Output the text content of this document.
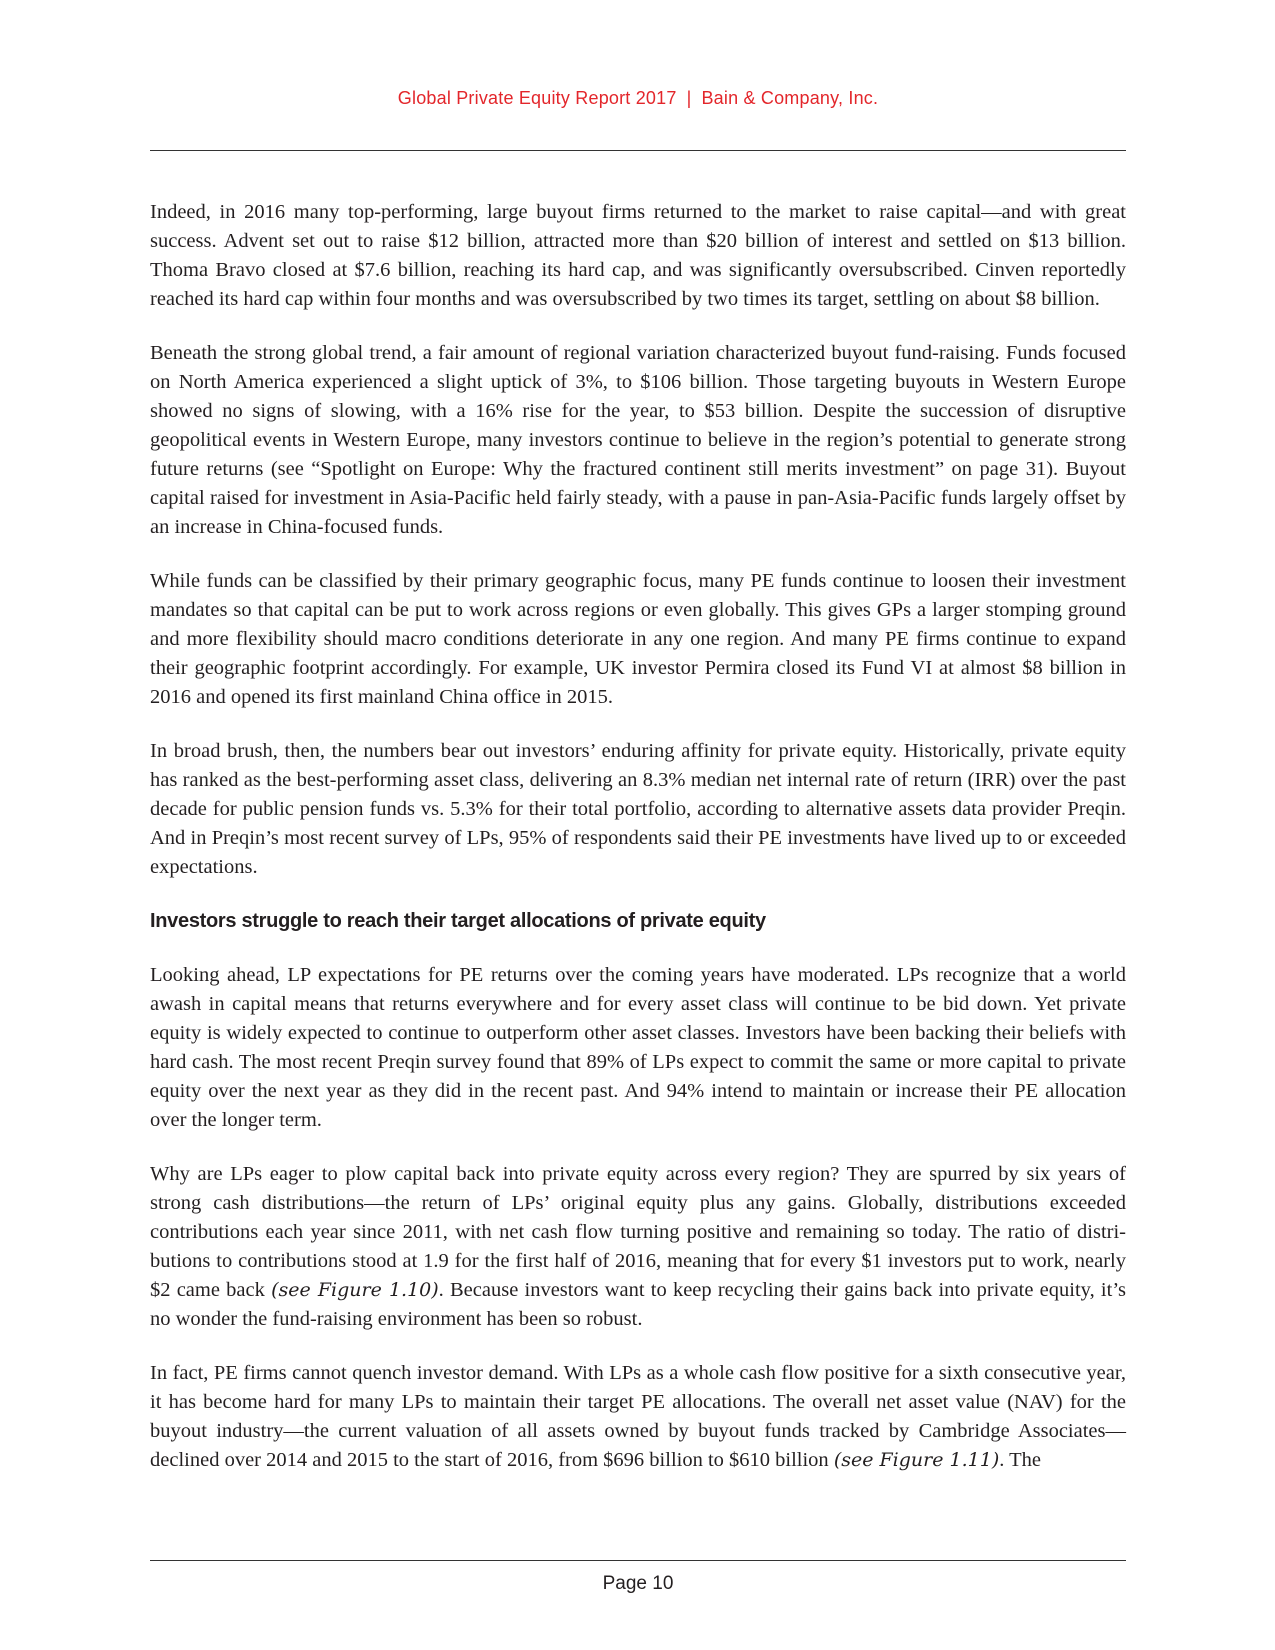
Global Private Equity Report 2017 | Bain & Company, Inc.

Indeed, in 2016 many top-performing, large buyout firms returned to the market to raise capital—and with great success. Advent set out to raise $12 billion, attracted more than $20 billion of interest and settled on $13 billion. Thoma Bravo closed at $7.6 billion, reaching its hard cap, and was significantly oversubscribed. Cinven reportedly reached its hard cap within four months and was oversubscribed by two times its target, settling on about $8 billion.

Beneath the strong global trend, a fair amount of regional variation characterized buyout fund-raising. Funds focused on North America experienced a slight uptick of 3%, to $106 billion. Those targeting buyouts in Western Europe showed no signs of slowing, with a 16% rise for the year, to $53 billion. Despite the succession of disruptive geopolitical events in Western Europe, many investors continue to believe in the region’s potential to generate strong future returns (see “Spotlight on Europe: Why the fractured continent still merits investment” on page 31). Buyout capital raised for investment in Asia-Pacific held fairly steady, with a pause in pan-Asia-Pacific funds largely offset by an increase in China-focused funds.

While funds can be classified by their primary geographic focus, many PE funds continue to loosen their investment mandates so that capital can be put to work across regions or even globally. This gives GPs a larger stomping ground and more flexibility should macro conditions deteriorate in any one region. And many PE firms continue to expand their geographic footprint accordingly. For example, UK investor Permira closed its Fund VI at almost $8 billion in 2016 and opened its first mainland China office in 2015.

In broad brush, then, the numbers bear out investors’ enduring affinity for private equity. Historically, private equity has ranked as the best-performing asset class, delivering an 8.3% median net internal rate of return (IRR) over the past decade for public pension funds vs. 5.3% for their total portfolio, according to alternative assets data provider Preqin. And in Preqin’s most recent survey of LPs, 95% of respondents said their PE investments have lived up to or exceeded expectations.

Investors struggle to reach their target allocations of private equity

Looking ahead, LP expectations for PE returns over the coming years have moderated. LPs recognize that a world awash in capital means that returns everywhere and for every asset class will continue to be bid down. Yet private equity is widely expected to continue to outperform other asset classes. Investors have been backing their beliefs with hard cash. The most recent Preqin survey found that 89% of LPs expect to commit the same or more capital to private equity over the next year as they did in the recent past. And 94% intend to maintain or increase their PE allocation over the longer term.

Why are LPs eager to plow capital back into private equity across every region? They are spurred by six years of strong cash distributions—the return of LPs’ original equity plus any gains. Globally, distributions exceeded contributions each year since 2011, with net cash flow turning positive and remaining so today. The ratio of distributions to contributions stood at 1.9 for the first half of 2016, meaning that for every $1 investors put to work, nearly $2 came back (see Figure 1.10). Because investors want to keep recycling their gains back into private equity, it’s no wonder the fund-raising environment has been so robust.

In fact, PE firms cannot quench investor demand. With LPs as a whole cash flow positive for a sixth consecutive year, it has become hard for many LPs to maintain their target PE allocations. The overall net asset value (NAV) for the buyout industry—the current valuation of all assets owned by buyout funds tracked by Cambridge Associates—declined over 2014 and 2015 to the start of 2016, from $696 billion to $610 billion (see Figure 1.11). The

Page 10
